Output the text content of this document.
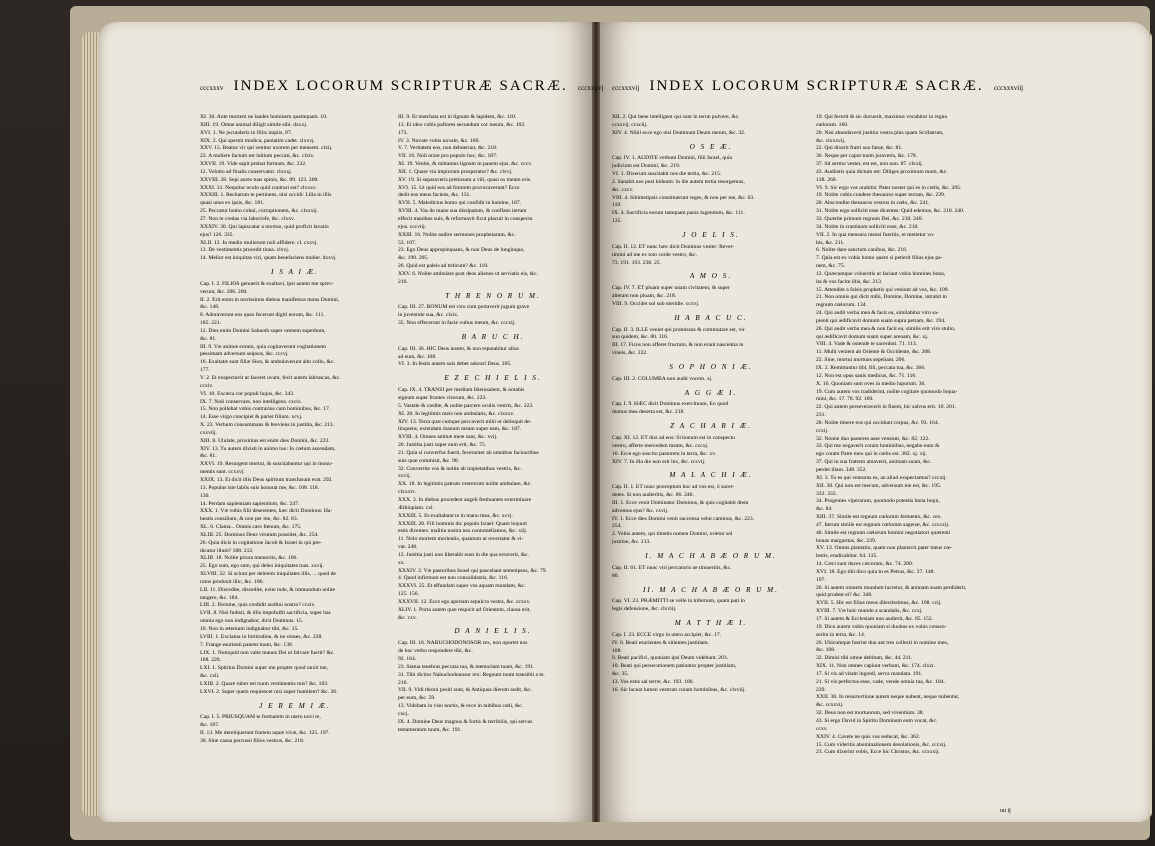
cccxxxv INDEX LOCORUM SCRIPTURÆ SACRÆ. cccxxxvj cccxxxvij INDEX LOCORUM SCRIPTURÆ SACRÆ. cccxxxviij
XI. 30. Ante mortem ne laudes hominem quemquam. 10.
XIII. 19. Omne animal diligit simile sibi. dxxxj.
XVI. 1. Ne jucunderis in filiis impiis, 87.
XIX. 2. Qui spernit modica, paulatim cadet. clxxvj.
XXV. 15. Beatus vir qui venitur uxorem per mensem. clxij.
23. A muliere factum est initium peccati, &c. clxiv.
XXVII. 19. Vide sapit probat formam, &c. 232.
12. Volutio ad finalis conservator. clxxxj.
XXVIII. 28. Sepi aures tuas spinis, &c. 89. 123. 200.
XXXI. 31. Nequitur oculo quid contrari est? clxxxv.
XXXIII. 1. Recharum te pertinens, nisi occidi: Lilia in illis
quasi unus ex ipsis, &c. 181.
25. Peccatur homo cohui, corruptionem, &c. clxxxij.
27. Non te credas via laboriofe, &c. clxxv.
XXXIV. 30. Qui lapiscatur a mortuo, quid proficit lavatio
ejus? 126. 335.
XLII. 12. In medio mulierum noli affidere. cl. cxxvj.
13. De vestimentis procedit tinea. clxvj.
14. Melior est iniquitas viri, quam benefaciens mulier. dxxvj.
I S A I Æ.
Cap. I. 2. FILIOS genuerit & exaltavi, ipsi autem me sprev-
verunt, &c. 206. 260.
II. 2. Erit enim in novissimis diebus manifestus mons Domini,
&c. 148.
8. Adoraverunt eos quos fecerunt digiti eorum, &c. 111.
185. 221.
12. Dies enim Domini Sabaoth super omnem superbum,
&c. 81.
III. 9. Væ animæ eorum, quia cogitaverunt cogitationem
pessimam adversum seipsos, &c. cccvj.
16. Exaltatæ sunt filiæ Sion, & ambulaverunt alto collo, &c.
177.
V. 2. Et exspectavit ut faceret uvam, fecit autem labruscas, &c.
ccxiv.
VI. 10. Excæca cor populi hujus, &c. 343.
IX. 7. Noli conservare, non intelligens. cxcix.
15. Non pollebat vobis contrarius cum hominibus, &c. 17.
14. Esse virgo concipiet & pariet filium. xcvj.
X. 23. Verbum consummans & breviens in justitia, &c. 213.
cxxviij.
XIII. 8. Ululate, proximus est enim dies Domini, &c. 223.
XIV. 13. Tu autem dixisti in animo tuo: In cœlum ascendam,
&c. 81.
XXVI. 19. Resurgent mortui, & suscitabuntur qui in monu-
mentis sunt. ccxxvj.
XXIX. 13. Et dicit illis Deus spiritum transfusum erat. 292.
13. Populus iste labiis suis honorat me, &c. 108. 118.
130.
14. Perdam sapientiam sapientium, &c. 247.
XXX. 1. Væ vobis filii deserentes, hæc dicit Dominus: Ha-
beatis consilium, & non per me, &c. 82. 83.
XL. 6. Clama... Omnis caro fœnum, &c. 175.
XLIII. 25. Dominus Deus virutum possidet, &c. 254.
26. Quia dicis in cogitatione Jacob & Israel in qui pre-
dicatur illum? 188. 212.
XLIII. 18. Nolite priora memoriis, &c. 106.
25. Ego sum, ego sum, qui deleo iniquitates tuas. xxvij.
XLVIII. 22. Si sciunt per delerem iniquitates illis, ... quod de
ruins produxit illic, &c. 106.
LII. 11. Discedite, discedite, exite inde, & immundum nolite
tangere, &c. 184.
LIII. 2. Domine, quis credidit auditui nostro? ccxiv.
LVII. 8. Nisi fudisti, & illis impofuifti sacrificia, super hac
omnia ego non indignabor, dicit Dominus. 15.
16. Non in æternum indignabor tibi, &c. 15.
LVIII. 1. Exclama in fortitudine, & ne cesses, &c. 238.
7. Frange esurienti panem tuum, &c. 138.
LIX. 1. Numquid non valet manus Dei ut falvare fuerit? &c.
188. 220.
LXI. 1. Spiritus Domini super me propter quod unxit me,
&c. cxli.
LXIII. 2. Quare ruber est tuum vestimentis tuis? &c. 103.
LXVI. 2. Super quem requiescet nisi super humilem? &c. 26.
J E R E M I Æ.
Cap. I. 5. PRIUSQUAM te formarem in utero novi te,
&c. 187.
II. 13. Me dereliquerunt fontem aquæ vivæ, &c. 125. 197.
30. Sine causa percussi filios vestros, &c. 218.
III. 9. Et mœchata est in lignum & lapidem, &c. 110.
13. Et ideo vobis paftores secundum cor meum, &c. 102.
173.
IV. 3. Novate vobis novale, &c. 160.
V. 7. Veritatem eos, non debuerunt, &c. 218.
VII. 16. Noli orare pro populo hoc, &c. 187.
XI. 19. Venite, & mittamus lignum in panem ejus, &c. cccv.
XII. 1. Quare via impiorum prosperatur? &c. clxvj.
XV. 19. Si separaveris pretiosum a vili, quasi os meum eris.
XVI. 15. Ut quid eos ad furorem provocaverunt? Ecce
dedit eos meus faciens, &c. 131.
XVII. 5. Maledictus homo qui confidit in homine, 187.
XVIII. 4. Vas de manu sua dissipatum, & conflans iterum
effecit manibus suis, & reformavit ficut placuit in conspectu
ejus. cccviij.
XXIII. 16. Nolite audire sermones prophetarum, &c.
53. 107.
23. Ego Deus appropinquans, & non Deus de longinquo,
&c. 190. 205.
26. Quid est paleis ad triticum? &c. 110.
XXV. 6. Nolite ambulare post deos alienos ut serviatis eis, &c.
216.
T H R E N O R U M.
Cap. III. 27. BONUM est viro cum portaverit jugum grave
in juventute sua, &c. clxix.
35. Non effecerunt in facie vultus meum, &c. cccxij.
B A R U C H.
Cap. III. 36. HIC Deus noster, & non reputabitur alius
ad eum, &c. 108.
VI. 3. In festis autem suis debet adorari Deus. 205.
E Z E C H I E L I S.
Cap. IX. 4. TRANSI per medium Hierusalem, & notabis
signum super frontes virorum, &c. 223.
5. Vastate & cædite, & nolite parcere oculis vestris, &c. 223.
XI. 20. In legitimis meis non ambulatis, &c. clxxxv.
XIV. 13. Terra quæ cumque peccaverit mihi ut delinquit de-
linquens, extendam manum meam super eam, &c. 187.
XVIII. 4. Omnes animæ meæ sunt, &c. xvij.
20. Justitia justi super eum erit, &c. 75.
21. Quia si converfus fuerit, fecerunter ab omnibus facinoribus
suis quæ commisit, &c. 90.
32. Convertite vos & nolite ab impietatibus vestris, &c.
xxvij.
XX. 18. In legitimis patrum vestrorum nolite ambulare, &c.
clxxxiv.
XXX. 3. In diebus procedent angeli festinantes exterminare
Æthiopiam. cxl.
XXXIII. 5. Et exaltabunt te in manu mea, &c. xcvj.
XXXIII. 20. Fili hominis dic populo Israel: Quare loquuti
estis dicentes: malitia nostra nos contumeliamus, &c. xiij.
11. Nolo mortem morientis, quantum ut revertatur & vi-
vat. 248.
12. Justitia justi non liberabit eum in die qua erraverit, &c.
xx.
XXXIV. 2. Væ pastoribus Israel qui pascebant semetipsos, &c. 79.
4. Quod infirmum est non consolidastis, &c. 116.
XXXVI. 25. Et effundam super vos aquam mundam, &c.
125. 156.
XXXVII. 12. Ecce ego aperiam sepulcra vestra, &c. ccxxv.
XLIV. 1. Porta autem quæ respicit ad Orientem, clausa erit,
&c. cxv.
D A N I E L I S.
Cap. III. 16. NABUCHODONOSOR rex, non oportet nos
de hoc verbo respondere tibi, &c.
92. 164.
23. Statua tenebras peccata tua, & memoriam tuam, &c. 191.
31. Tibi dicitur Nabuchodonosor rex: Regnum tuum transibit a te.
216.
VII. 9. Vidi throni positi sunt, & Antiquus dierum sedit, &c.
per eum, &c. 59.
13. Videbam in visu noctis, & ecce in nubibus cœli, &c.
cxcj.
IX. 4. Domine Deus magnus & fortis & terribilis, qui servas
testamentum tuum, &c. 191.
XII. 2. Qui bene intelligent qui sunt in terræ pulvere, &c.
ccxxvij. ccxciij.
XIV. 4. Nihil ecce ego nisi Dominum Deum meum, &c. 32.
O S E Æ.
Cap. IV. 1. AUDITE verbum Domini, filii Israel, quia
judicium est Domini, &c. 219.
VI. 1. Dixerunt suscitabit nos die tertia, &c. 215.
2. Sanabit nos post biduum: in die autem tertia resurgemus,
&c. cxcv.
VIII. 4. Sibimetipsis constituerunt reges, & non per me, &c. 63.
119.
IX. 4. Sacrificia eorum tamquam panis lugentium, &c. 111.
135.
J O E L I S.
Cap. II. 12. ET nunc hæc dicit Dominus vester: Rever-
timini ad me ex toto corde vestro, &c.
73. 191. 193. 238. 25.
A M O S.
Cap. IV. 7. ET pluam super unam civitatem, & super
alteram non pluam, &c. 218.
VIII. 9. Occidet sol sub meridie. ccxvj.
H A B A C U C.
Cap. II. 3. ILLE veniet qui promissus & commutare est, vir
suo quidem, &c. 80. 116.
III. 17. Ficus non afferet fructum, & non erunt nascentia in
vineis, &c. 222.
S O P H O N I Æ.
Cap. III. 2. COLUMBA non audit vocem. xj.
A G G Æ I.
Cap. I. 9. HÆC dicit Dominus exercituum, Eo quod
domus mea deserta est, &c. 218.
Z A C H A R I Æ.
Cap. XI. 12. ET dixi ad eos: Si bonum est in conspectu
vestro, afferte mercedem meam, &c. cccxj.
16. Ecce ego suscito pastorem in terra, &c. xv.
XIV. 7. In illa die non erit lux, &c. cccvij.
M A L A C H I Æ.
Cap. II. 1. ET nunc præceptum hoc ad vos est, ô sacer-
dotes. Si non audieritis, &c. 86. 240.
III. 1. Ecce venit Dominator Dominus, & quis cogitabit diem
adventus ejus? &c. cxvij.
IV. 1. Ecce dies Domini venit succensa velut caminus, &c. 223.
254.
2. Vobis autem, qui timetis nomen Domini, orietur sol
justitiæ, &c. 213.
I. M A C H A B Æ O R U M.
Cap. II. 61. ET nunc viri peccatoris ne timueritis, &c.
80.
II. M A C H A B Æ O R U M.
Cap. VI. 23. PRÆMITTI se velle in infernum, quam pati in
legis defensione, &c. clxviij.
M A T T H Æ I.
Cap. I. 23. ECCE virgo in utero accipiet, &c. 17.
IV. 6. Beati esurientes & sitientes justitiam.
108.
9. Beati pacifici, quoniam ipsi Deum videbunt. 203.
10. Beati qui persecutionem patiuntur propter justitiam,
&c. 35.
13. Vos estis sal terræ, &c. 193. 100.
16. Sic luceat lumen vestrum coram hominibus, &c. clxviij.
19. Qui fecerit & sic docuerit, maximus vocabitur in regno
cœlorum. 160.
20. Nisi abundaverit justitia vestra plus quam Scribarum,
&c. clxxxvij.
22. Qui dixerit fratri suo fatue, &c. 81.
36. Neque per caput tuum juraveris, &c. 178.
37. Sit sermo vester, est est, non non. 87. clxxij.
43. Audiistis quia dictum est: Diliges proximum tuum, &c.
138. 260.
VI. 9. Sic ergo vos orabitis: Pater noster qui es in cœlis, &c. 205.
19. Nolite vobis condere thesauros super terram, &c. 239.
20. Abscondite thesauros vestros in cœlo, &c. 241.
31. Nolite ergo solliciti esse dicentes: Quid edemus, &c. 210. 240.
33. Quærite primum regnum Dei, &c. 210. 240.
34. Nolite in crastinum solliciti esse, &c. 210.
VII. 2. In qua mensura mensi fueritis, re metietur vo-
bis, &c. 211.
6. Nolite dare sanctum canibus, &c. 216.
7. Quia est ex vobis homo quem si petierit filius ejus pa-
nem, &c. 75.
12. Quæcumque volueritis ut faciant vobis homines bona,
ita & vos facite illis, &c. 213.
15. Attendite a falsis prophetis qui veniunt ad vos, &c. 109.
21. Non omnis qui dicit mihi, Domine, Domine, intrabit in
regnum cœlorum. 134.
24. Qui audit verba mea & facit ea, similabitur viro sa-
pienti qui ædificavit domum suam supra petram, &c. 194.
26. Qui audit verba mea & non facit ea, similis erit viro stulto,
qui ædificavit domum suam super arenam, &c. xj.
VIII. 4. Vade & ostende te sacerdoti. 71. 113.
11. Multi venient ab Oriente & Occidente, &c. 208.
22. Sine, mortui mortuos sepeliant. 206.
IX. 2. Remittuntur tibi, fili, peccata tua, &c. 366.
12. Non est opus sanis medicus, &c. 71. 116.
X. 16. Quoniam sum oves in medio luporum. 36.
19. Cum autem vos tradiderint, nolite cogitare quomodo loqua-
mini, &c. 17. 78. 92. 160.
22. Qui autem perseveraverit in finem, hic salvus erit. 10. 201.
231.
28. Nolite timere eos qui occidunt corpus, &c. 93. 164.
ccxij.
32. Nonne duo passeres asse veneunt, &c. 82. 122.
33. Qui me negaverit coram hominibus, negabo eum &
ego coram Patre meo qui in cœlis est. 382. xj. xij.
37. Qui in sua fratrem amaverit, animam suam, &c.
perdet illam. 348. 352.
XI. 3. Tu es qui venturus es, an aliud exspectamus? cccxij.
XII. 30. Qui non est mecum, adversum me est, &c. 195.
332. 333.
34. Progenies viperarum, quomodo potestis bona loqui,
&c. 84.
XIII. 37. Simile est regnum cœlorum fermento, &c. cex.
47. Iterum simile est regnum cœlorum sagenæ, &c. ccccxij.
48. Simile est regnum cœlorum homini negotiatori quærenti
bonas margaritas, &c. 239.
XV. 13. Omnis plantatio, quam non plantavit pater meus cœ-
lestis, eradicabitur. 64. 135.
14. Cæci sunt duces cæcorum, &c. 74. 200.
XVI. 18. Ego tibi dico quia tu es Petrus, &c. 37. 148.
197.
26. Si autem omnem mundum lucretur, & animam suam perdiderit,
quid prodest ei? &c. 348.
XVII. 5. Hic est filius meus dilectissimus, &c. 108. ccij.
XVIII. 7. Væ huic mundo a scandalis, &c. ccxj.
17. Si autem & Ecclesiam non audierit, &c. 85. 152.
19. Dico autem vobis quoniam si duobus ex vobis consen-
serint in terra, &c. 14.
20. Ubicumque fuerint duo aut tres collecti in nomine meo,
&c. 108.
32. Dimisi tibi omne debitum, &c. 44. 211.
XIX. 11. Non omnes capiunt verbum, &c. 174. clxix.
17. Si vis ad vitam ingredi, serva mandata. 191.
21. Si vis perfectus esse, vade, vende omnia tua, &c. 184.
239.
XXII. 30. In resurrectione autem neque nubent, neque nubentur,
&c. ccxxvij.
32. Deus non est mortuorum, sed viventium. 38.
43. Si ergo David in Spiritu Dominum eum vocat, &c.
ccxv.
XXIV. 4. Cavete ne quis vos seducat, &c. 362.
15. Cum videritis abominationem desolationis, &c. cccxij.
23. Cum dixerint vobis, Ecce hic Christus, &c. ccxxxij.
uu ij
